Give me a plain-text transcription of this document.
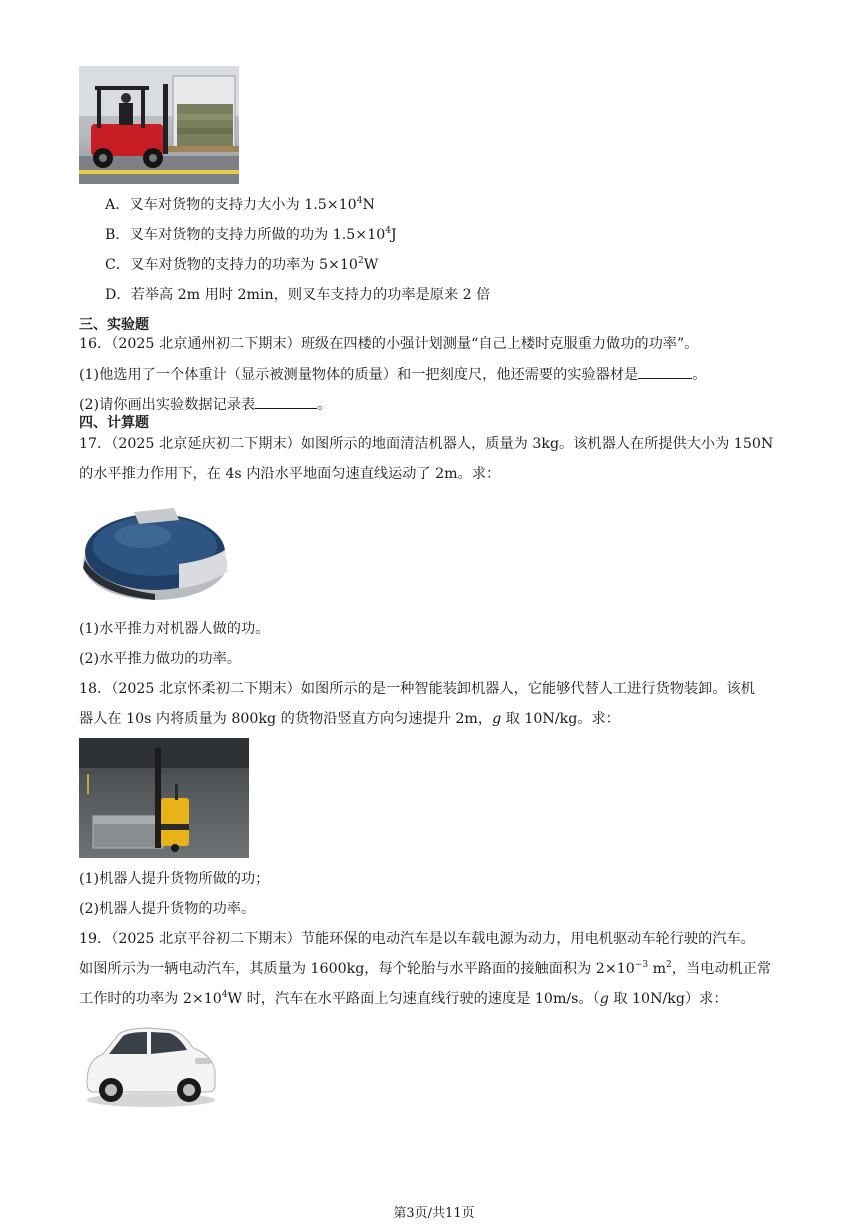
A．叉车对货物的支持力大小为 $1.5\times 10^4N$
B．叉车对货物的支持力所做的功为 $1.5\times 10^4J$
C．叉车对货物的支持力的功率为 $5\times 10^2W$
D．若举高 2m 用时 2min，则叉车支持力的功率是原来 2 倍
三、实验题
16．（2025 北京通州初二下期末）班级在四楼的小强计划测量“自己上楼时克服重力做功的功率”。
(1)他选用了一个体重计（显示被测量物体的质量）和一把刻度尺，他还需要的实验器材是	。
(2)请你画出实验数据记录表	。
四、计算题
17．（2025 北京延庆初二下期末）如图所示的地面清洁机器人，质量为 3kg。该机器人在所提供大小为 150N
的水平推力作用下，在 4s 内沿水平地面匀速直线运动了 2m。求：
(1)水平推力对机器人做的功。
(2)水平推力做功的功率。
18．（2025 北京怀柔初二下期末）如图所示的是一种智能装卸机器人，它能够代替人工进行货物装卸。该机
器人在 10s 内将质量为 800kg 的货物沿竖直方向匀速提升 2m，g 取 10N/kg。求：
(1)机器人提升货物所做的功；
(2)机器人提升货物的功率。
19．（2025 北京平谷初二下期末）节能环保的电动汽车是以车载电源为动力，用电机驱动车轮行驶的汽车。
如图所示为一辆电动汽车，其质量为 1600kg，每个轮胎与水平路面的接触面积为 $2\times 10^{-3}$ $m^2$，当电动机正常
工作时的功率为 $2\times 10^4W$ 时，汽车在水平路面上匀速直线行驶的速度是 10m/s。（g 取 10N/kg）求：
第3页/共11页
